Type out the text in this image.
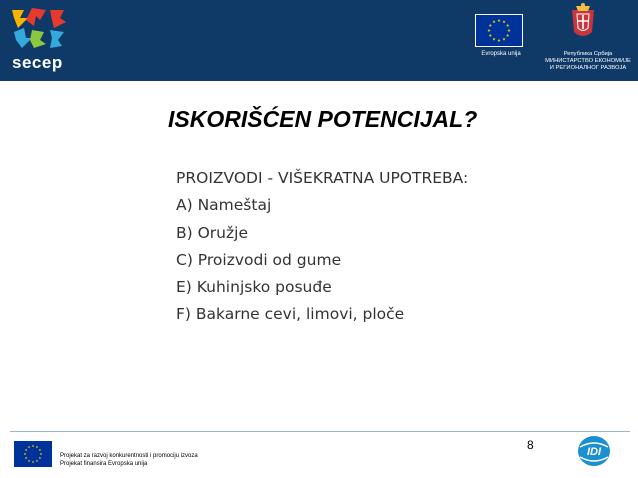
secep	Evropska unija	Република Србија
МИНИСТАРСТВО ЕКОНОМИЈЕ
И РЕГИОНАЛНОГ РАЗВОЈА
ISKORIŠĆEN POTENCIJAL?
PROIZVODI - VIŠEKRATNA UPOTREBA:
A) Nameštaj
B) Oružje
C) Proizvodi od gume
E) Kuhinjsko posuđe
F) Bakarne cevi, limovi, ploče
Projekat za razvoj konkurentnosti i promociju izvoza
Projekat finansira Evropska unija
8	IDI
